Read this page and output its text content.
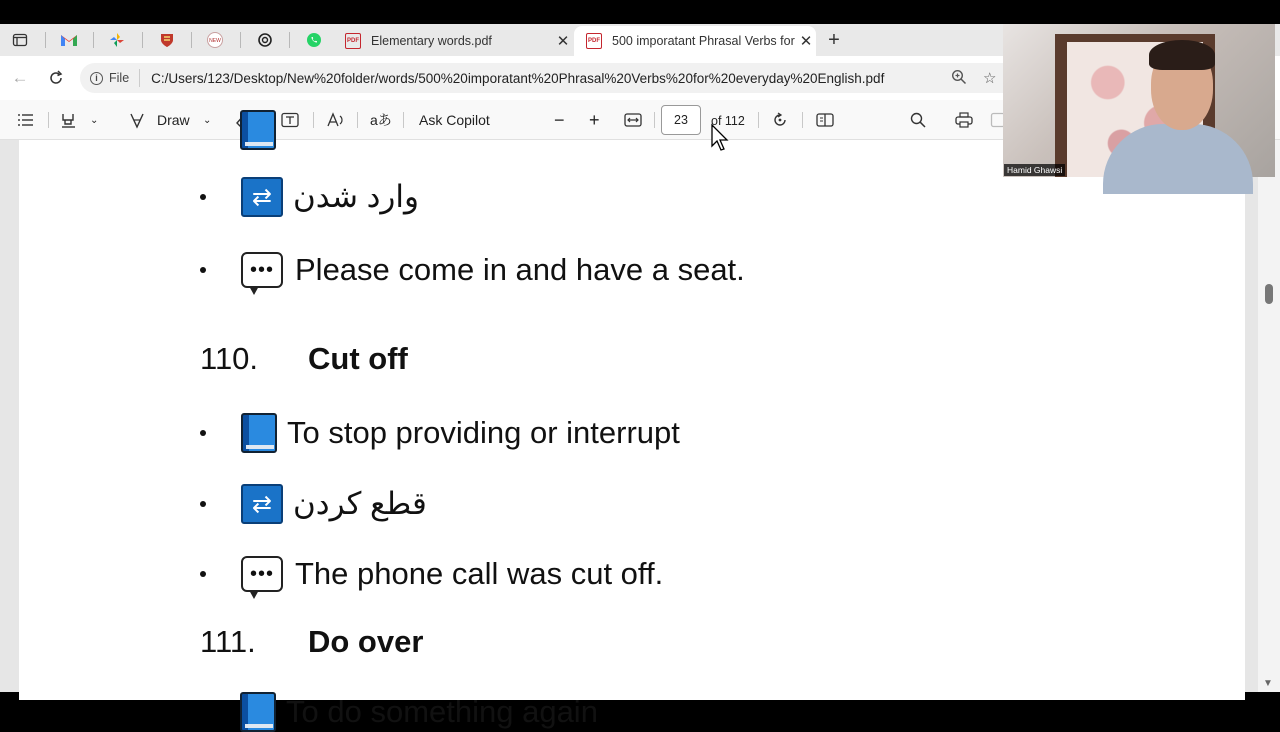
NEW	PDF Elementary words.pdf	✕	PDF 500 imporatant Phrasal Verbs for ✕ +
←	i File	C:/Users/123/Desktop/New%20folder/words/500%20imporatant%20Phrasal%20Verbs%20for%20everyday%20English.pdf	☆
⌄	Draw ⌄	aあ Ask Copilot	− +	23	of 112
⇄ وارد شدن
••• Please come in and have a seat.
110. Cut off
To stop providing or interrupt
⇄ قطع کردن
••• The phone call was cut off.
111. Do over
To do something again
▼
Hamid Ghawsi
